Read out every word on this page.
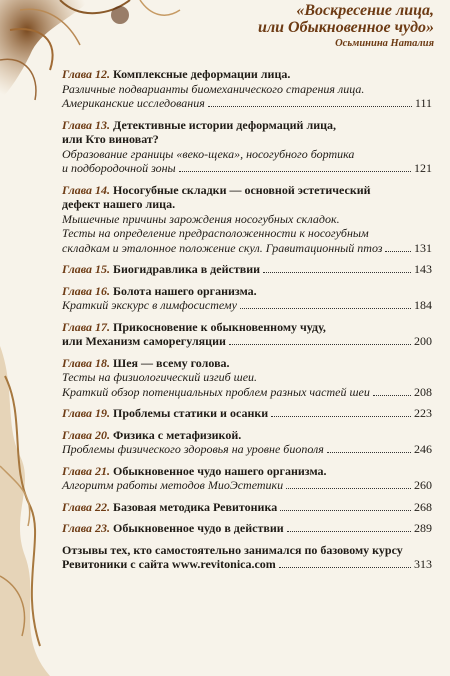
«Воскресение лица,
или Обыкновенное чудо»
Осьминина Наталия
Глава 12 . Комплексные деформации лица.
Различные подварианты биомеханического старения лица.
Американские исследования	111
Глава 13 . Детективные истории деформаций лица,
или Кто виноват?
Образование границы «веко-щека», носогубного бортика
и подбородочной зоны	121
Глава 14 . Носогубные складки — основной эстетический
дефект нашего лица.
Мышечные причины зарождения носогубных складок.
Тесты на определение предрасположенности к носогубным
складкам и эталонное положение скул. Гравитационный птоз	131
Глава 15 . Биогидравлика в действии	143
Глава 16 . Болота нашего организма.
Краткий экскурс в лимфосистему	184
Глава 17 . Прикосновение к обыкновенному чуду,
или Механизм саморегуляции	200
Глава 18 . Шея — всему голова.
Тесты на физиологический изгиб шеи.
Краткий обзор потенциальных проблем разных частей шеи	208
Глава 19 . Проблемы статики и осанки	223
Глава 20 . Физика с метафизикой.
Проблемы физического здоровья на уровне биополя	246
Глава 21 . Обыкновенное чудо нашего организма.
Алгоритм работы методов МиоЭстетики	260
Глава 22 . Базовая методика Ревитоника	268
Глава 23 . Обыкновенное чудо в действии	289
Отзывы тех, кто самостоятельно занимался по базовому курсу
Ревитоники с сайта www.revitonica.com	313
